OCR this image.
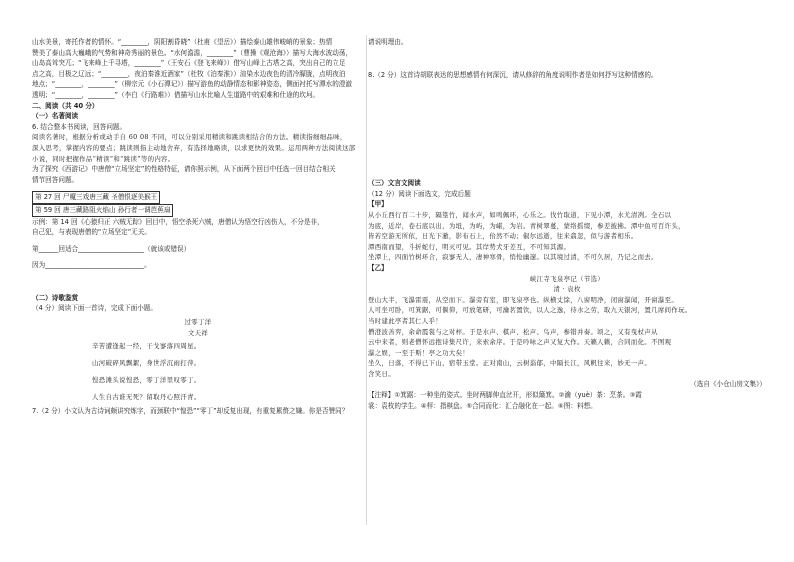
山水美景，寄托作者的情怀。“________，阴阳割昏晓”（杜甫《望岳》）描绘泰山雄伟峻峭的景象；热情
赞美了泰山高大巍峨的气势和神奇秀丽的景色。“水何澹澹，________”（曹操《观沧海》）描写大海水波动荡，
山岛高耸突兀；“飞来峰上千寻塔，________”（王安石《登飞来峰》）借写山峰上古塔之高，突出自己的立足
点之高，目极之辽远；“________，夜泊秦淮近酒家”（杜牧《泊秦淮》）渲染水边夜色的清冷朦胧，点明夜泊
地点；“________，________”（柳宗元《小石潭记》）描写游鱼的动静情态和影神姿态，侧面衬托写潭水的澄澈
透明；“________，________”（李白《行路难》）借描写山水比喻人生道路中的艰难和仕途的坎坷。
二、阅读（共 40 分）
（一）名著阅读
6. 结合整本书阅读，回答问题。
阅读名著时，根据分析或动手自 60 08 不同，可以分别采用精读和跳读相结合的方法。精读指细细品味，
深入思考，掌握内容的要点；跳读则指主动地舍弃，有选择地略读，以求更快的效果。运用两种方法阅读这部
小说，同时把握作品“精读”和“跳读”等的内容。
为了探究《西游记》中唐僧“立场坚定”的性格特征，请你照示例，从下面两个回目中任选一回目结合相关
情节回答问题。
第 27 回 尸魔三戏唐三藏 圣僧恨逐美猴王
第 59 回 唐三藏路阻火焰山 孙行者一调芭蕉扇
示例：第 14 回《心猿归正 六贼无踪》回目中，悟空杀死六贼，唐僧认为悟空行凶伤人，不分是非，
自己犯，与表现唐僧的“立场坚定”无关。
第______回适合____________________（就该或错误）
因为______________________________。
（二）诗歌鉴赏
（4 分）阅读下面一首诗，完成下面小题。
过零丁洋
文天祥
辛苦遭逢起一经，干戈寥落四周星。
山河破碎风飘絮，身世浮沉雨打萍。
惶恐滩头说惶恐，零丁洋里叹零丁。
人生自古谁无死？留取丹心照汗青。
7.（2 分）小文认为古诗词颇讲究炼字，而颈联中“惶恐”“零丁”却反复出现，有重复累赘之嫌。你是否赞同？
请说明理由。
8.（2 分）这首诗胡联表达的思想感情有何深沉，请从修辞的角度说明作者是如何抒写这种情感的。
（三）文言文阅读
（12 分）阅读下面选文，完成后题
【甲】
从小丘西行百二十步，隔篁竹，闻水声，如鸣佩环，心乐之。伐竹取道，下见小潭，水尤清冽。全石以
为底，近岸，卷石底以出，为坻，为屿，为嵁，为岩。青树翠蔓，蒙络摇缀，参差披拂。潭中鱼可百许头，
皆若空游无所依，日光下澈，影布石上，佁然不动；俶尔远逝，往来翕忽，似与游者相乐。
潭西南而望，斗折蛇行，明灭可见。其岸势犬牙差互，不可知其源。
坐潭上，四面竹树环合，寂寥无人，凄神寒骨，悄怆幽邃。以其境过清，不可久居，乃记之而去。
【乙】
峡江寺飞泉亭记（节选）
清 · 袁枚
登山大半，飞瀑雷震，从空而下。瀑旁有室，即飞泉亭也。纵横丈馀，八窗明净，闭窗瀑闻，开窗瀑至。
人可坐可卧，可箕踞，可偃仰，可放笔研，可瀹茗置饮，以人之逸，待水之劳，取九天银河，置几席间作玩。
当时建此亭者其仁人乎！
僧澄波善弈，余命霞裳与之对枰。于是水声、棋声、松声、鸟声，参错并奏。顷之，又有曳杖声从
云中来者，则老僧怀远抱诗集尺许，来索余序。于是吟咏之声又复大作。天籁人籁，合同而化。不图观
瀑之娱，一至于斯！亭之功大矣！
坐久，日落，不得已下山，宿带玉堂。正对南山，云树蓊郁，中隔长江，风帆往来，妙无一声。
含笑日。
（选自《小仓山房文集》）
【注释】①箕踞：一种坐的姿式。坐时两脚伸直岔开，形似簸箕。②瀹（yuè）茶：烹茶。③霞
裳：袁枚的学生。④枰：指棋盘。⑤合同而化：汇合融化在一起。⑥图：料想。
